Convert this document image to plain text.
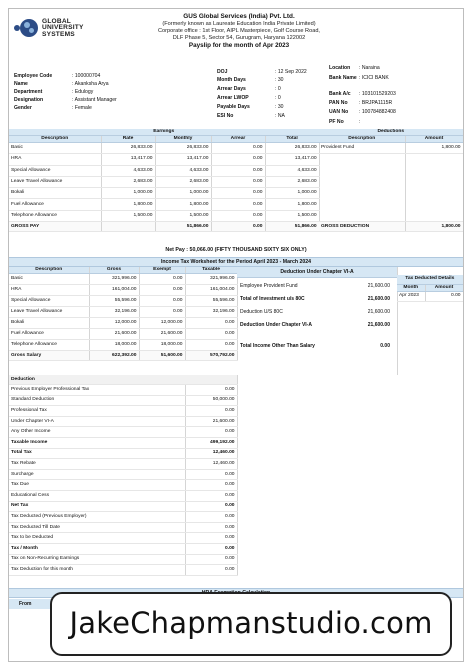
GLOBAL
UNIVERSITY
SYSTEMS
GUS Global Services (India) Pvt. Ltd.
(Formerly known as Laureate Education India Private Limited)
Corporate office : 1st Floor, AIPL Masterpiece, Golf Course Road,
DLF Phase 5, Sector 54, Gurugram, Haryana 122002
Payslip for the month of Apr 2023
Employee Code	: 100000704
Name	: Akanksha Arya
Department	: Edulogy
Designation	: Assistant Manager
Gender	: Female
DOJ	: 12 Sep 2022
Month Days	: 30
Arrear Days	: 0
Arrear LWOP	: 0
Payable Days	: 30
ESI No	: NA
Location : Naraina
Bank Name : ICICI BANK
Bank A/c : 103101529203
PAN No : BRJPA1115R
UAN No : 100784882408
PF No	:
Earnings				
Description	Rate	Monthly	Arrear	Total
Basic	26,833.00	26,833.00	0.00	26,833.00
HRA	13,417.00	13,417.00	0.00	13,417.00
Special Allowance	4,633.00	4,633.00	0.00	4,633.00
Leave Travel Allowance	2,683.00	2,683.00	0.00	2,683.00
Bokali	1,000.00	1,000.00	0.00	1,000.00
Fuel Allowance	1,800.00	1,800.00	0.00	1,800.00
Telephone Allowance	1,500.00	1,500.00	0.00	1,500.00
GROSS PAY		51,866.00	0.00	51,866.00
Deductions	
Description	Amount
Provident Fund	1,800.00

GROSS DEDUCTION	1,800.00
Net Pay : 50,066.00 (FIFTY THOUSAND SIXTY SIX ONLY)
Income Tax Worksheet for the Period April 2023 - March 2024
Description	Gross	Exempt	Taxable
Basic	321,996.00	0.00	321,996.00
HRA	161,004.00	0.00	161,004.00
Special Allowance	55,596.00	0.00	55,596.00
Leave Travel Allowance	32,196.00	0.00	32,196.00
Bokali	12,000.00	12,000.00	0.00
Fuel Allowance	21,600.00	21,600.00	0.00
Telephone Allowance	18,000.00	18,000.00	0.00
Gross Salary	622,392.00	51,600.00	570,792.00
Deduction Under Chapter VI-A
Employee Provident Fund	21,600.00
Total of Investment u/s 80C	21,600.00
Deduction U/S 80C	21,600.00
Deduction Under Chapter VI-A	21,600.00
Total Income Other Than Salary	0.00
Tax Deducted Details	
Month	Amount
Apr 2023	0.00
Deduction	
Previous Employer Professional Tax	0.00
Standard Deduction	50,000.00
Professional Tax	0.00
Under Chapter VI-A	21,600.00
Any Other Income	0.00
Taxable Income	499,192.00
Total Tax	12,460.00
Tax Rebate	12,460.00
Surcharge	0.00
Tax Due	0.00
Educational Cess	0.00
Net Tax	0.00
Tax Deducted (Previous Employer)	0.00
Tax Deducted Till Date	0.00
Tax to be Deducted	0.00
Tax / Month	0.00
Tax on Non-Recurring Earnings	0.00
Tax Deduction for this month	0.00
From
JakeChapmanstudio.com
